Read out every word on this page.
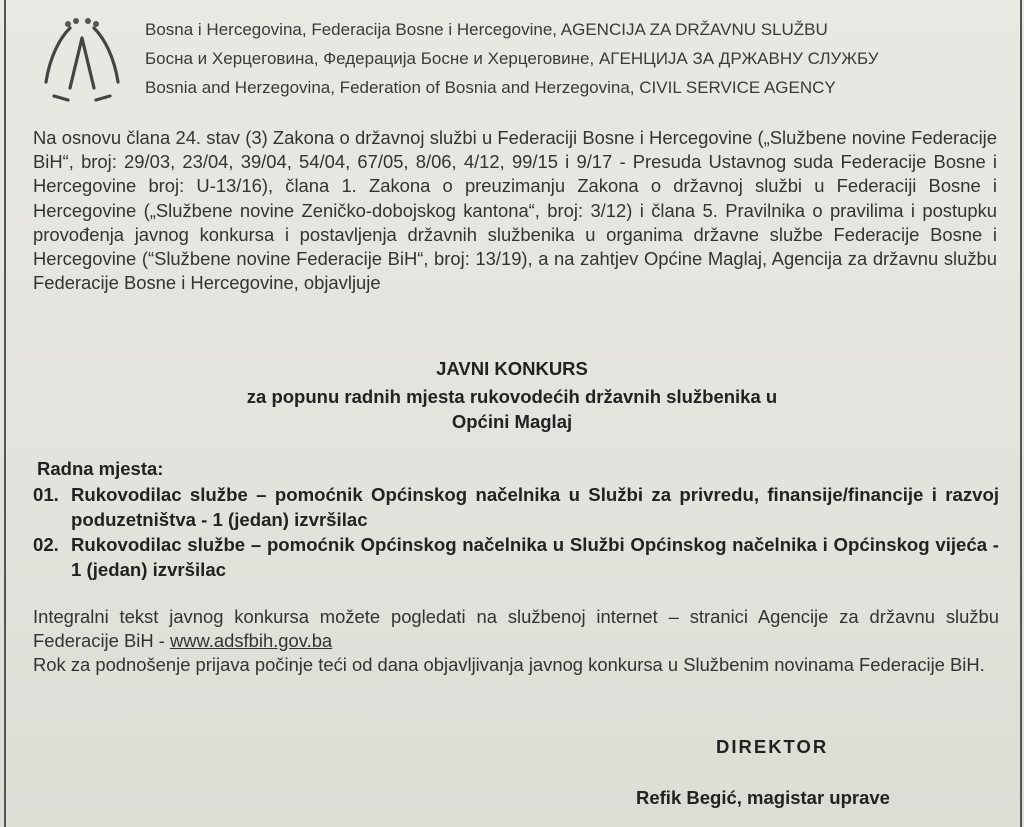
Bosna i Hercegovina, Federacija Bosne i Hercegovine, AGENCIJA ZA DRŽAVNU SLUŽBU
Босна и Херцеговина, Федерација Босне и Херцеговине, АГЕНЦИЈА ЗА ДРЖАВНУ СЛУЖБУ
Bosnia and Herzegovina, Federation of Bosnia and Herzegovina, CIVIL SERVICE AGENCY
Na osnovu člana 24. stav (3) Zakona o državnoj službi u Federaciji Bosne i Hercegovine („Službene novine Federacije BiH“, broj: 29/03, 23/04, 39/04, 54/04, 67/05, 8/06, 4/12, 99/15 i 9/17 - Presuda Ustavnog suda Federacije Bosne i Hercegovine broj: U-13/16), člana 1. Zakona o preuzimanju Zakona o državnoj službi u Federaciji Bosne i Hercegovine („Službene novine Zeničko-dobojskog kantona“, broj: 3/12) i člana 5. Pravilnika o pravilima i postupku provođenja javnog konkursa i postavljenja državnih službenika u organima državne službe Federacije Bosne i Hercegovine (“Službene novine Federacije BiH“, broj: 13/19), a na zahtjev Općine Maglaj, Agencija za državnu službu Federacije Bosne i Hercegovine, objavljuje
JAVNI KONKURS
za popunu radnih mjesta rukovodećih državnih službenika u
Općini Maglaj
Radna mjesta:
01. Rukovodilac službe – pomoćnik Općinskog načelnika u Službi za privredu, finansije/financije i razvoj poduzetništva - 1 (jedan) izvršilac
02. Rukovodilac službe – pomoćnik Općinskog načelnika u Službi Općinskog načelnika i Općinskog vijeća - 1 (jedan) izvršilac

Integralni tekst javnog konkursa možete pogledati na službenoj internet – stranici Agencije za državnu službu Federacije BiH - www.adsfbih.gov.ba

Rok za podnošenje prijava počinje teći od dana objavljivanja javnog konkursa u Službenim novinama Federacije BiH.

DIREKTOR
Refik Begić, magistar uprave
